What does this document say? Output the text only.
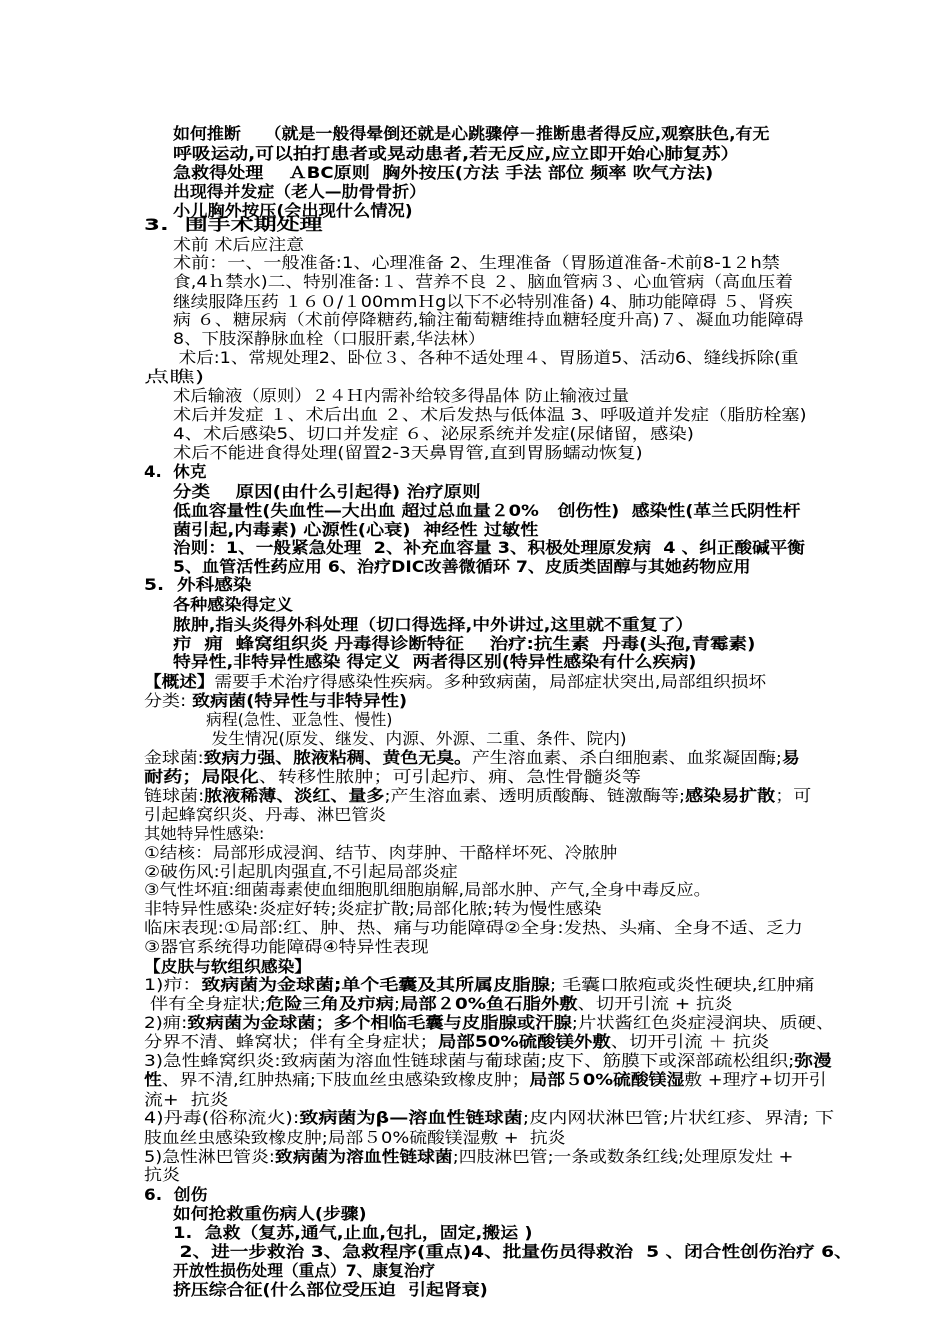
如何推断    （就是一般得晕倒还就是心跳骤停－推断患者得反应,观察肤色,有无
呼吸运动,可以拍打患者或晃动患者,若无反应,应立即开始心肺复苏）
急救得处理    ＡBC原则  胸外按压(方法 手法 部位 频率 吹气方法)
出现得并发症（老人—肋骨骨折）
小儿胸外按压(会出现什么情况)
3.  围手术期处理
术前 术后应注意
术前：一、一般准备:1、心理准备 2、生理准备（胃肠道准备-术前8-1２h禁
食,4ｈ禁水)二、特别准备:１、营养不良 ２、脑血管病３、心血管病（高血压着
继续服降压药 １６０/１00mmＨg以下不必特别准备) 4、肺功能障碍 ５、肾疾
病 ６、糖尿病（术前停降糖药,输注葡萄糖维持血糖轻度升高)７、凝血功能障碍
8、下肢深静脉血栓（口服肝素,华法林）
术后:1、常规处理2、卧位３、各种不适处理４、胃肠道5、活动6、缝线拆除(重
点瞧)
术后输液（原则）２４Ｈ内需补给较多得晶体 防止输液过量
术后并发症 １、术后出血 ２、术后发热与低体温 3、呼吸道并发症（脂肪栓塞)
4、术后感染5、切口并发症 ６、泌尿系统并发症(尿储留，感染)
术后不能进食得处理(留置2-3天鼻胃管,直到胃肠蠕动恢复)
4.  休克
分类    原因(由什么引起得) 治疗原则
低血容量性(失血性—大出血 超过总血量２0%   创伤性)  感染性(革兰氏阴性杆
菌引起,内毒素) 心源性(心衰)  神经性 过敏性
治则：1、一般紧急处理  2、补充血容量 3、积极处理原发病  4 、纠正酸碱平衡
5、血管活性药应用 6、治疗DIC改善微循环 7、皮质类固醇与其她药物应用
5.  外科感染
各种感染得定义
脓肿,指头炎得外科处理（切口得选择,中外讲过,这里就不重复了）
疖  痈  蜂窝组织炎 丹毒得诊断特征    治疗:抗生素  丹毒(头孢,青霉素)
特异性,非特异性感染 得定义  两者得区别(特异性感染有什么疾病)
【概述】需要手术治疗得感染性疾病。多种致病菌，局部症状突出,局部组织损坏
分类: 致病菌(特异性与非特异性)
病程(急性、亚急性、慢性)
发生情况(原发、继发、内源、外源、二重、条件、院内)
金球菌:致病力强、脓液粘稠、黄色无臭。产生溶血素、杀白细胞素、血浆凝固酶;易
耐药；局限化、转移性脓肿；可引起疖、痈、急性骨髓炎等
链球菌:脓液稀薄、淡红、量多;产生溶血素、透明质酸酶、链激酶等;感染易扩散；可
引起蜂窝织炎、丹毒、淋巴管炎
其她特异性感染:
①结核：局部形成浸润、结节、肉芽肿、干酪样坏死、冷脓肿
②破伤风:引起肌肉强直,不引起局部炎症
③气性坏疽:细菌毒素使血细胞肌细胞崩解,局部水肿、产气,全身中毒反应。
非特异性感染:炎症好转;炎症扩散;局部化脓;转为慢性感染
临床表现:①局部:红、肿、热、痛与功能障碍②全身:发热、头痛、全身不适、乏力
③器官系统得功能障碍④特异性表现
【皮肤与软组织感染】
1)疖：致病菌为金球菌;单个毛囊及其所属皮脂腺; 毛囊口脓疱或炎性硬块,红肿痛
伴有全身症状;危险三角及疖病;局部２0%鱼石脂外敷、切开引流 + 抗炎
2)痈:致病菌为金球菌；多个相临毛囊与皮脂腺或汗腺;片状酱红色炎症浸润块、质硬、
分界不清、蜂窝状；伴有全身症状；局部50%硫酸镁外敷、切开引流 ＋ 抗炎
3)急性蜂窝织炎:致病菌为溶血性链球菌与葡球菌;皮下、筋膜下或深部疏松组织;弥漫
性、界不清,红肿热痛;下肢血丝虫感染致橡皮肿；局部５0%硫酸镁湿敷 +理疗+切开引
流+  抗炎
4)丹毒(俗称流火):致病菌为β—溶血性链球菌;皮内网状淋巴管;片状红疹、界清; 下
肢血丝虫感染致橡皮肿;局部５0%硫酸镁湿敷 +  抗炎
5)急性淋巴管炎:致病菌为溶血性链球菌;四肢淋巴管;一条或数条红线;处理原发灶 +
抗炎
6.  创伤
如何抢救重伤病人(步骤)
1.  急救（复苏,通气,止血,包扎，固定,搬运 )
2、进一步救治 3、急救程序(重点)4、批量伤员得救治  5 、闭合性创伤治疗 6、
开放性损伤处理（重点）7、康复治疗
挤压综合征(什么部位受压迫  引起肾衰)
